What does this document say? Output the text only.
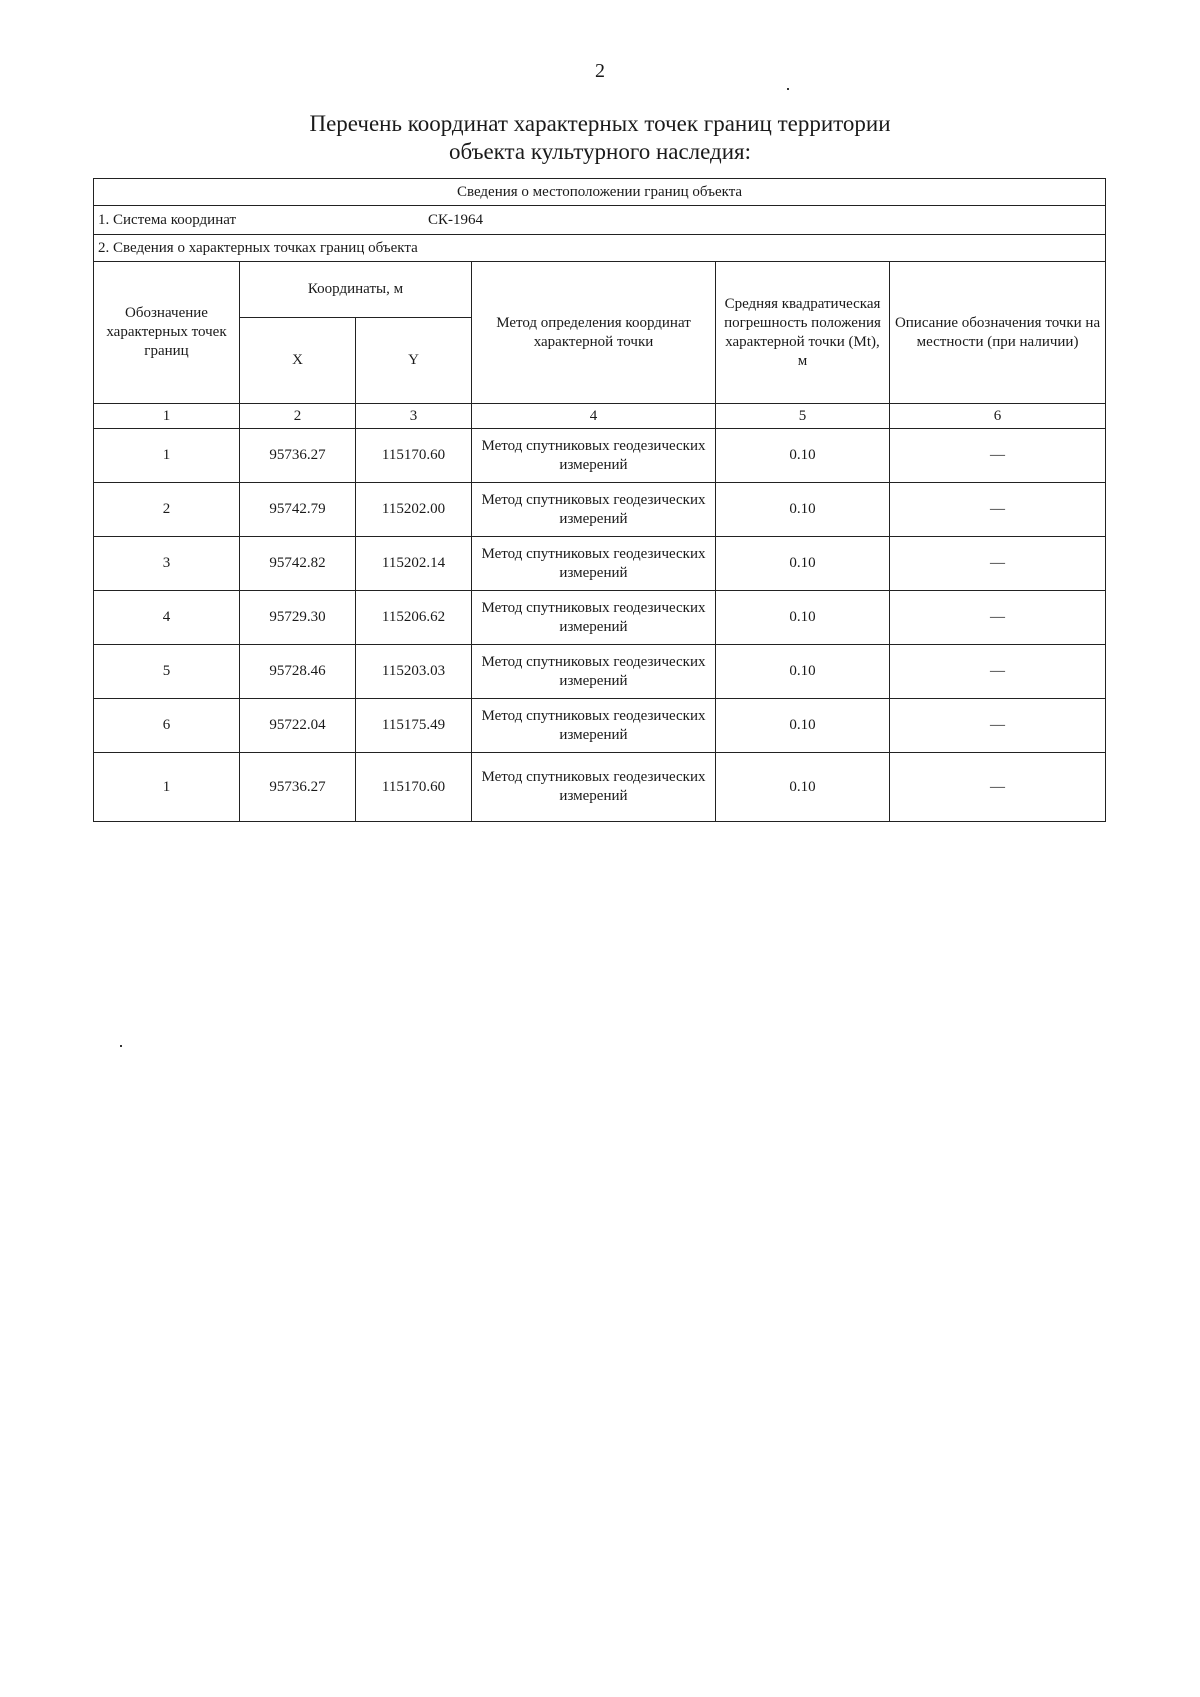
2
Перечень координат характерных точек границ территории
объекта культурного наследия:
Сведения о местоположении границ объекта					
1. Система координат СК-1964					
2. Сведения о характерных точках границ объекта					
Обозначение характерных точек границ	Координаты, м		Метод определения координат характерной точки	Средняя квадратическая погрешность положения характерной точки (Mt), м	Описание обозначения точки на местности (при наличии)
	X	Y			
1	2	3	4	5	6
1	95736.27	115170.60	Метод спутниковых геодезических измерений	0.10	—
2	95742.79	115202.00	Метод спутниковых геодезических измерений	0.10	—
3	95742.82	115202.14	Метод спутниковых геодезических измерений	0.10	—
4	95729.30	115206.62	Метод спутниковых геодезических измерений	0.10	—
5	95728.46	115203.03	Метод спутниковых геодезических измерений	0.10	—
6	95722.04	115175.49	Метод спутниковых геодезических измерений	0.10	—
1	95736.27	115170.60	Метод спутниковых геодезических измерений	0.10	—
